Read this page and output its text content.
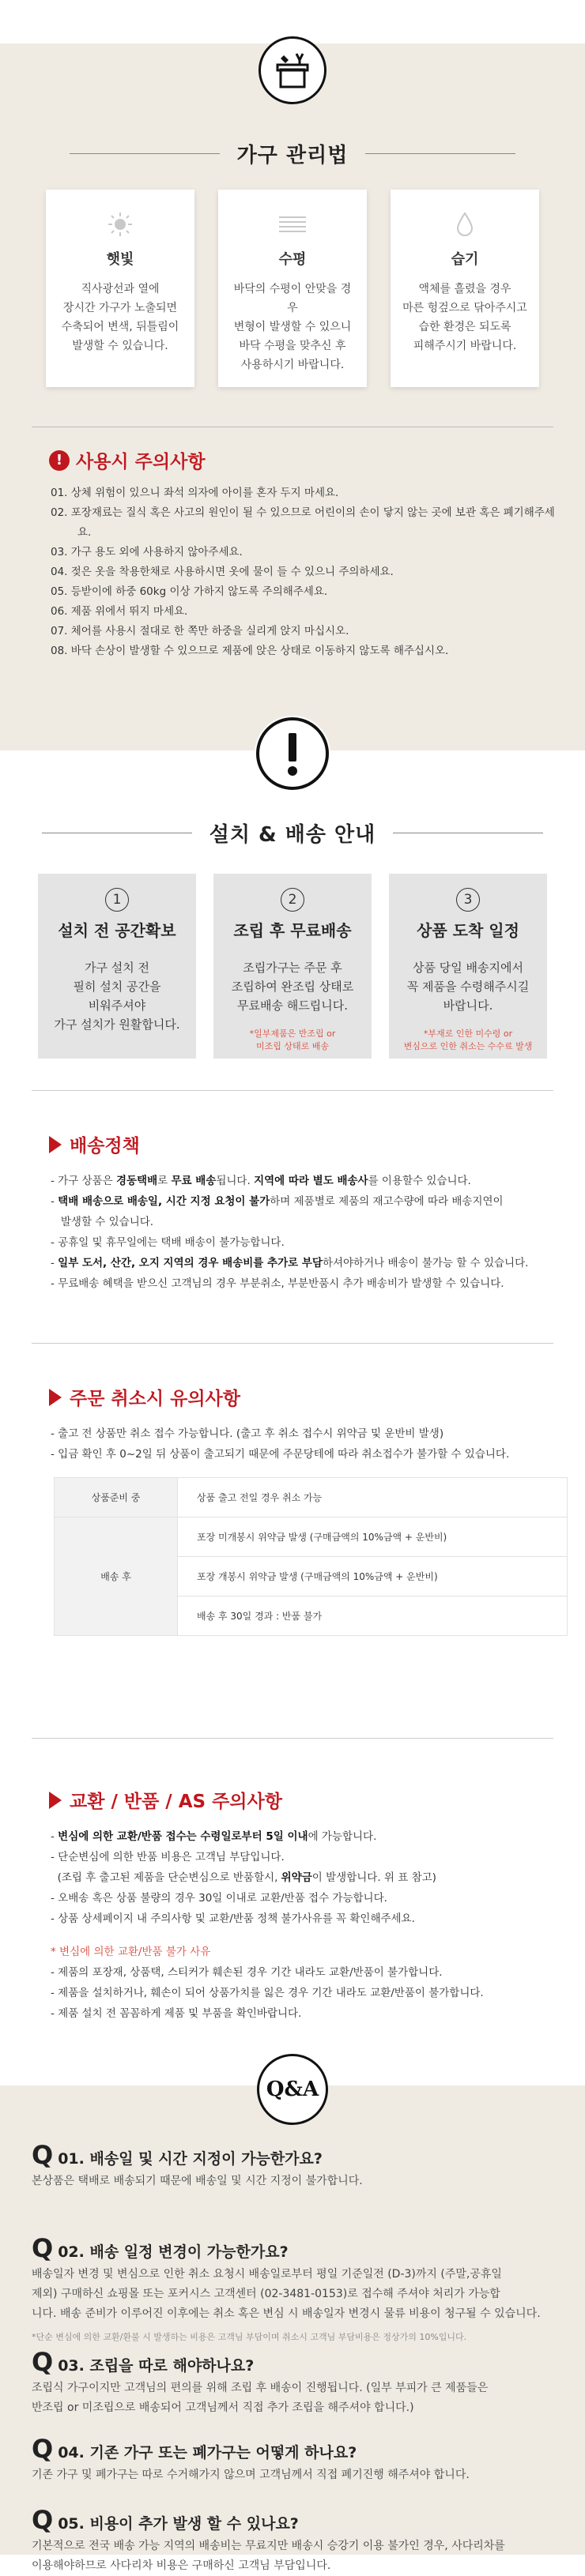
가구 관리법
햇빛
직사광선과 열에
장시간 가구가 노출되면
수축되어 변색, 뒤틀림이
발생할 수 있습니다.
수평
바닥의 수평이 안맞을 경우
변형이 발생할 수 있으니
바닥 수평을 맞추신 후
사용하시기 바랍니다.
습기
액체를 흘렸을 경우
마른 헝겊으로 닦아주시고
습한 환경은 되도록
피해주시기 바랍니다.
! 사용시 주의사항
01. 상체 위험이 있으니 좌석 의자에 아이를 혼자 두지 마세요.
02. 포장재료는 질식 혹은 사고의 원인이 될 수 있으므로 어린이의 손이 닿지 않는 곳에 보관 혹은 폐기해주세요.
03. 가구 용도 외에 사용하지 않아주세요.
04. 젖은 옷을 착용한채로 사용하시면 옷에 물이 들 수 있으니 주의하세요.
05. 등받이에 하중 60kg 이상 가하지 않도록 주의해주세요.
06. 제품 위에서 뛰지 마세요.
07. 체어를 사용시 절대로 한 쪽만 하중을 실리게 앉지 마십시오.
08. 바닥 손상이 발생할 수 있으므로 제품에 앉은 상태로 이동하지 않도록 해주십시오.
설치 & 배송 안내
1
설치 전 공간확보
가구 설치 전
필히 설치 공간을
비워주셔야
가구 설치가 원활합니다.
2
조립 후 무료배송
조립가구는 주문 후
조립하여 완조립 상태로
무료배송 해드립니다.
*일부제품은 반조립 or
미조립 상태로 배송
3
상품 도착 일정
상품 당일 배송지에서
꼭 제품을 수령해주시길
바랍니다.
*부재로 인한 미수령 or
변심으로 인한 취소는 수수료 발생
배송정책
- 가구 상품은 경동택배로 무료 배송됩니다. 지역에 따라 별도 배송사를 이용할수 있습니다.
- 택배 배송으로 배송일, 시간 지정 요청이 불가하며 제품별로 제품의 재고수량에 따라 배송지연이
발생할 수 있습니다.
- 공휴일 및 휴무일에는 택배 배송이 불가능합니다.
- 일부 도서, 산간, 오지 지역의 경우 배송비를 추가로 부담하셔야하거나 배송이 불가능 할 수 있습니다.
- 무료배송 혜택을 받으신 고객님의 경우 부분취소, 부분반품시 추가 배송비가 발생할 수 있습니다.
주문 취소시 유의사항
- 출고 전 상품만 취소 접수 가능합니다. (출고 후 취소 접수시 위약금 및 운반비 발생)
- 입금 확인 후 0~2일 뒤 상품이 출고되기 때문에 주문당테에 따라 취소접수가 불가할 수 있습니다.
상품준비 중	상품 출고 전일 경우 취소 가능
배송 후	포장 미개봉시 위약금 발생 (구매금액의 10%금액 + 운반비)
	포장 개봉시 위약금 발생 (구매금액의 10%금액 + 운반비)
	배송 후 30일 경과 : 반품 불가
교환 / 반품 / AS 주의사항
- 변심에 의한 교환/반품 접수는 수령일로부터 5일 이내에 가능합니다.
- 단순변심에 의한 반품 비용은 고객님 부담입니다.
(조립 후 출고된 제품을 단순변심으로 반품할시, 위약금이 발생합니다. 위 표 참고)
- 오배송 혹은 상품 불량의 경우 30일 이내로 교환/반품 접수 가능합니다.
- 상품 상세페이지 내 주의사항 및 교환/반품 정책 불가사유를 꼭 확인해주세요.
* 변심에 의한 교환/반품 불가 사유
- 제품의 포장재, 상품택, 스티커가 훼손된 경우 기간 내라도 교환/반품이 불가합니다.
- 제품을 설치하거나, 훼손이 되어 상품가치를 잃은 경우 기간 내라도 교환/반품이 불가합니다.
- 제품 설치 전 꼼꼼하게 제품 및 부품을 확인바랍니다.
Q&A
Q 01. 배송일 및 시간 지정이 가능한가요?
본상품은 택배로 배송되기 때문에 배송일 및 시간 지정이 불가합니다.
Q 02. 배송 일정 변경이 가능한가요?
배송일자 변경 및 변심으로 인한 취소 요청시 배송일로부터 평일 기준일전 (D-3)까지 (주말,공휴일
제외) 구매하신 쇼핑몰 또는 포커시스 고객센터 (02-3481-0153)로 접수해 주셔야 처리가 가능합
니다. 배송 준비가 이루어진 이후에는 취소 혹은 변심 시 배송일자 변경시 물류 비용이 청구될 수 있습니다.
*단순 변심에 의한 교환/환불 시 발생하는 비용은 고객님 부담이며 취소시 고객님 부담비용은 정상가의 10%입니다.
Q 03. 조립을 따로 해야하나요?
조립식 가구이지만 고객님의 편의를 위해 조립 후 배송이 진행됩니다. (일부 부피가 큰 제품들은
반조립 or 미조립으로 배송되어 고객님께서 직접 추가 조립을 해주셔야 합니다.)
Q 04. 기존 가구 또는 폐가구는 어떻게 하나요?
기존 가구 및 폐가구는 따로 수거해가지 않으며 고객님께서 직접 폐기진행 해주셔야 합니다.
Q 05. 비용이 추가 발생 할 수 있나요?
기본적으로 전국 배송 가능 지역의 배송비는 무료지만 배송시 승강기 이용 불가인 경우, 사다리차를
이용해야하므로 사다리차 비용은 구매하신 고객님 부담입니다.
